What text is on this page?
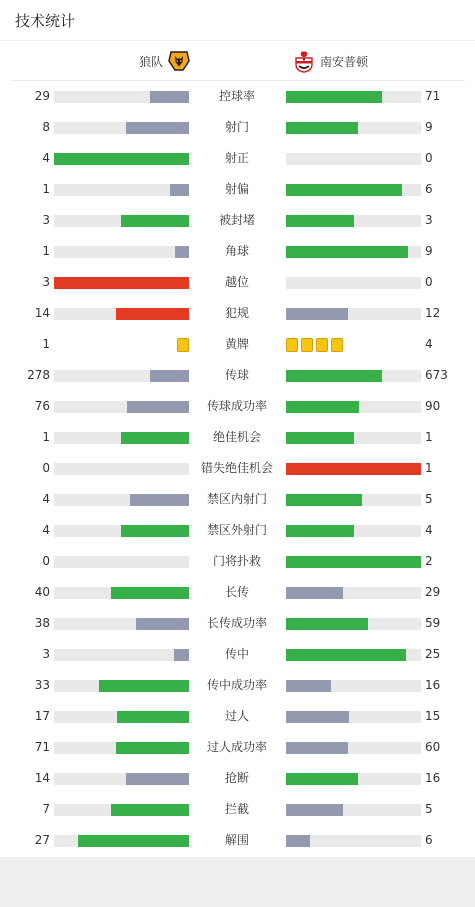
技术统计
狼队	南安普顿
29	控球率	71
8	射门	9
4	射正	0
1	射偏	6
3	被封堵	3
1	角球	9
3	越位	0
14	犯规	12
1	黄牌	4
278	传球	673
76	传球成功率	90
1	绝佳机会	1
0	错失绝佳机会	1
4	禁区内射门	5
4	禁区外射门	4
0	门将扑救	2
40	长传	29
38	长传成功率	59
3	传中	25
33	传中成功率	16
17	过人	15
71	过人成功率	60
14	抢断	16
7	拦截	5
27	解围	6
